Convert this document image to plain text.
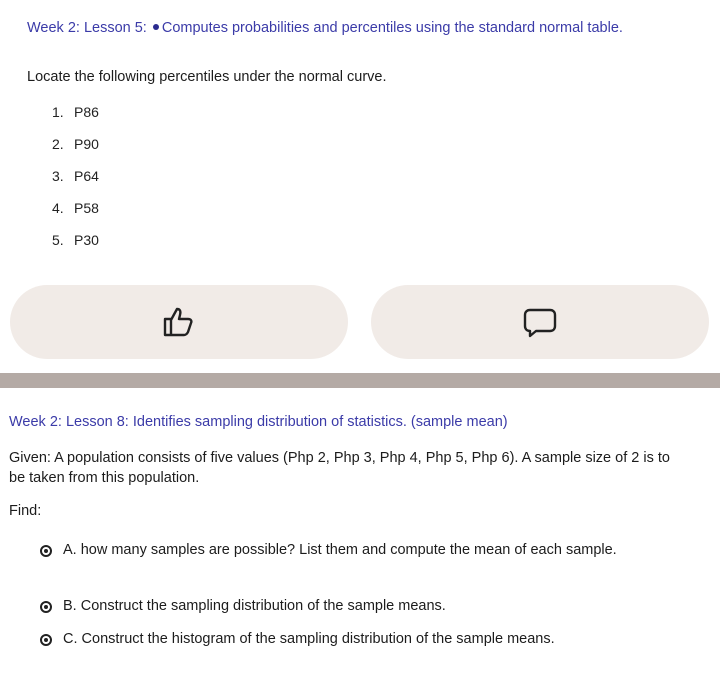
Week 2: Lesson 5: Computes probabilities and percentiles using the standard normal table.
Locate the following percentiles under the normal curve.
1. P86
2. P90
3. P64
4. P58
5. P30
Week 2: Lesson 8: Identifies sampling distribution of statistics. (sample mean)
Given: A population consists of five values (Php 2, Php 3, Php 4, Php 5, Php 6). A sample size of 2 is to be taken from this population.
Find:
A. how many samples are possible? List them and compute the mean of each sample.
B. Construct the sampling distribution of the sample means.
C. Construct the histogram of the sampling distribution of the sample means.
